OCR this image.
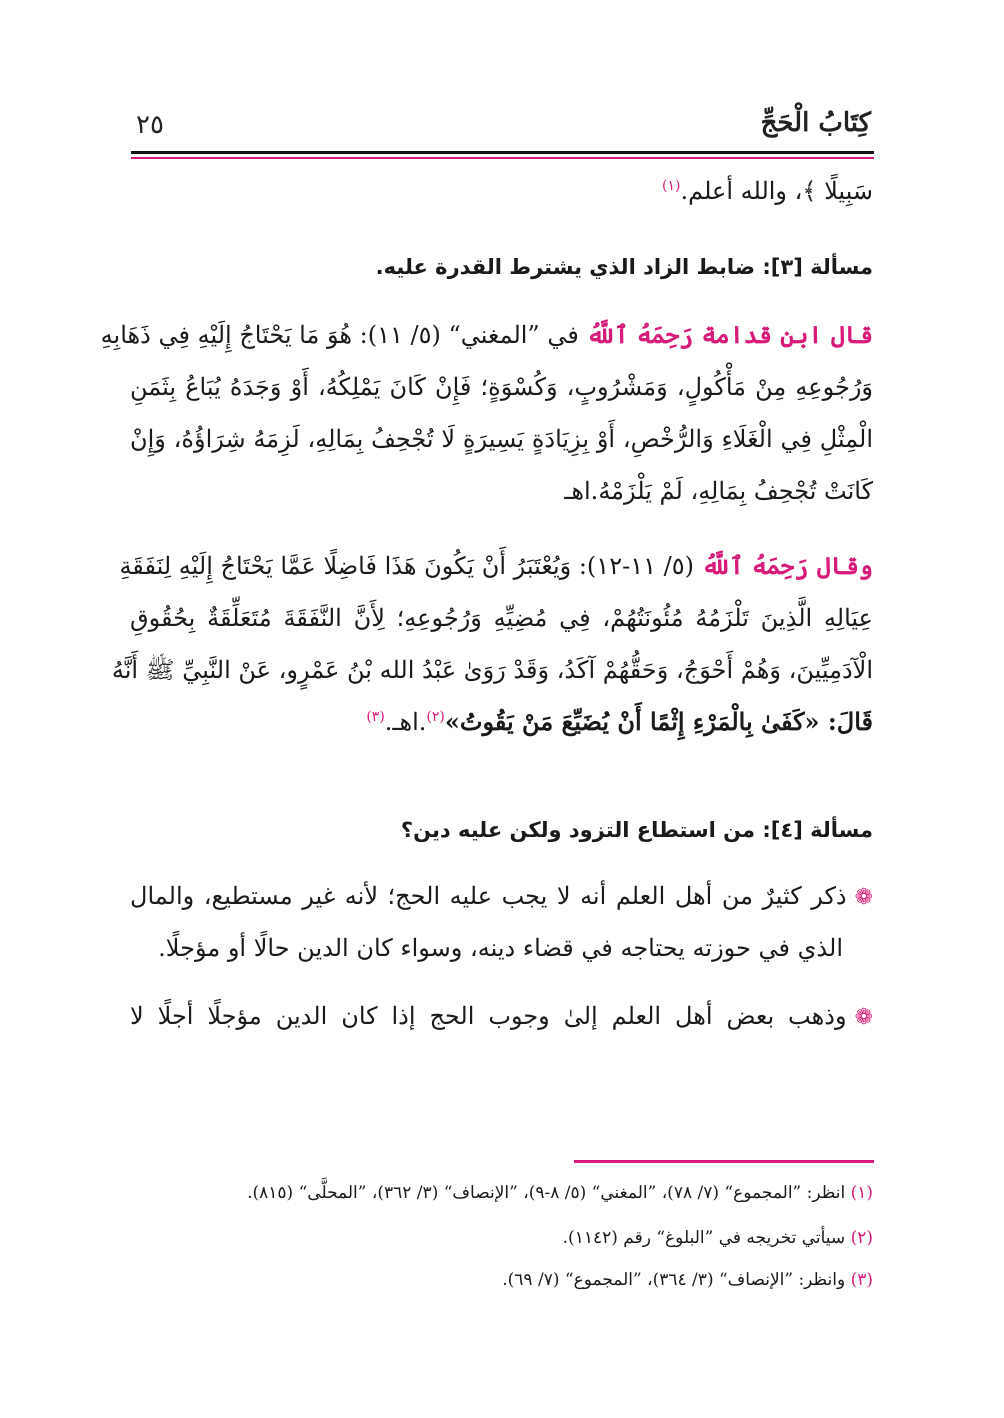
كِتَابُ الْحَجِّ
٢٥
سَبِيلًا ﴾، والله أعلم.$^{(١)}$
مسألة [٣]: ضابط الزاد الذي يشترط القدرة عليه.
قال ابن قدامة رَحِمَهُ ٱللَّهُ في ”المغني“ (٥/ ١١): هُوَ مَا يَحْتَاجُ إِلَيْهِ فِي ذَهَابِهِ
وَرُجُوعِهِ مِنْ مَأْكُولٍ، وَمَشْرُوبٍ، وَكُسْوَةٍ؛ فَإِنْ كَانَ يَمْلِكُهُ، أَوْ وَجَدَهُ يُبَاعُ بِثَمَنِ
الْمِثْلِ فِي الْغَلَاءِ وَالرُّخْصِ، أَوْ بِزِيَادَةٍ يَسِيرَةٍ لَا تُجْحِفُ بِمَالِهِ، لَزِمَهُ شِرَاؤُهُ، وَإِنْ
كَانَتْ تُجْحِفُ بِمَالِهِ، لَمْ يَلْزَمْهُ.اهـ
وقال رَحِمَهُ ٱللَّهُ (٥/ ١١-١٢): وَيُعْتَبَرُ أَنْ يَكُونَ هَذَا فَاضِلًا عَمَّا يَحْتَاجُ إِلَيْهِ لِنَفَقَةِ
عِيَالِهِ الَّذِينَ تَلْزَمُهُ مُئُونَتُهُمْ، فِي مُضِيِّهِ وَرُجُوعِهِ؛ لِأَنَّ النَّفَقَةَ مُتَعَلِّقَةٌ بِحُقُوقِ
الْآدَمِيِّينَ، وَهُمْ أَحْوَجُ، وَحَقُّهُمْ آكَدُ، وَقَدْ رَوَىٰ عَبْدُ الله بْنُ عَمْرٍو، عَنْ النَّبِيِّ ﷺ أَنَّهُ
قَالَ: «كَفَىٰ بِالْمَرْءِ إِثْمًا أَنْ يُضَيِّعَ مَنْ يَقُوتُ»$^{(٢)}$.اهـ.$^{(٣)}$
مسألة [٤]: من استطاع التزود ولكن عليه دين؟
❁ذكر كثيرٌ من أهل العلم أنه لا يجب عليه الحج؛ لأنه غير مستطيع، والمال
الذي في حوزته يحتاجه في قضاء دينه، وسواء كان الدين حالًا أو مؤجلًا.
❁وذهب بعض أهل العلم إلىٰ وجوب الحج إذا كان الدين مؤجلًا أجلًا لا
(١) انظر: ”المجموع“ (٧/ ٧٨)، ”المغني“ (٥/ ٨-٩)، ”الإنصاف“ (٣/ ٣٦٢)، ”المحلَّى“ (٨١٥).
(٢) سيأتي تخريجه في ”البلوغ“ رقم (١١٤٢).
(٣) وانظر: ”الإنصاف“ (٣/ ٣٦٤)، ”المجموع“ (٧/ ٦٩).
